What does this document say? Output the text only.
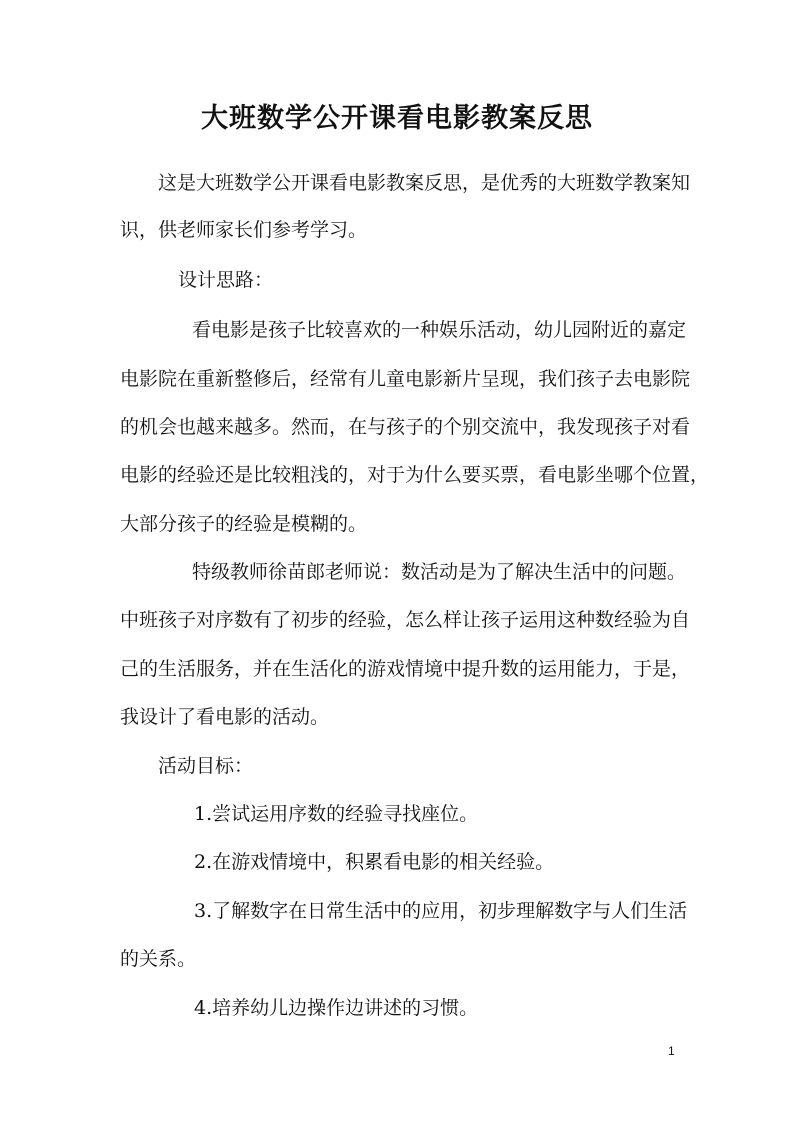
大班数学公开课看电影教案反思
这是大班数学公开课看电影教案反思，是优秀的大班数学教案知
识，供老师家长们参考学习。
设计思路：
看电影是孩子比较喜欢的一种娱乐活动，幼儿园附近的嘉定
电影院在重新整修后，经常有儿童电影新片呈现，我们孩子去电影院
的机会也越来越多。然而，在与孩子的个别交流中，我发现孩子对看
电影的经验还是比较粗浅的，对于为什么要买票，看电影坐哪个位置，
大部分孩子的经验是模糊的。
特级教师徐苗郎老师说：数活动是为了解决生活中的问题。
中班孩子对序数有了初步的经验，怎么样让孩子运用这种数经验为自
己的生活服务，并在生活化的游戏情境中提升数的运用能力，于是，
我设计了看电影的活动。
活动目标：
1.尝试运用序数的经验寻找座位。
2.在游戏情境中，积累看电影的相关经验。
3.了解数字在日常生活中的应用，初步理解数字与人们生活
的关系。
4.培养幼儿边操作边讲述的习惯。
1
